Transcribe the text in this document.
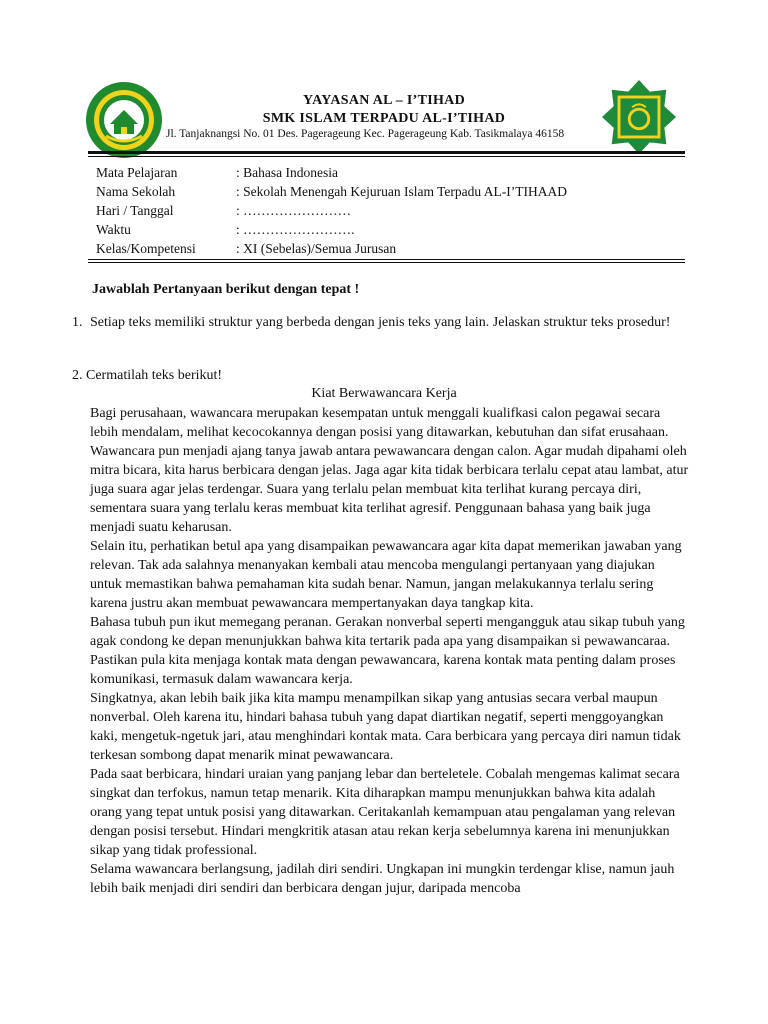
YAYASAN AL – I’TIHAD
SMK ISLAM TERPADU AL-I’TIHAD
Jl. Tanjaknangsi No. 01 Des. Pagerageung Kec. Pagerageung Kab. Tasikmalaya 46158
Mata Pelajaran	: Bahasa Indonesia
Nama Sekolah	: Sekolah Menengah Kejuruan Islam Terpadu AL-I’TIHAAD
Hari / Tanggal	: ……………………
Waktu	: …………………….
Kelas/Kompetensi	: XI (Sebelas)/Semua Jurusan
Jawablah Pertanyaan berikut dengan tepat !
1. Setiap teks memiliki struktur yang berbeda dengan jenis teks yang lain. Jelaskan struktur teks prosedur!
2. Cermatilah teks berikut!
Kiat Berwawancara Kerja

Bagi perusahaan, wawancara merupakan kesempatan untuk menggali kualifkasi calon pegawai secara lebih mendalam, melihat kecocokannya dengan posisi yang ditawarkan, kebutuhan dan sifat erusahaan. Wawancara pun menjadi ajang tanya jawab antara pewawancara dengan calon. Agar mudah dipahami oleh mitra bicara, kita harus berbicara dengan jelas. Jaga agar kita tidak berbicara terlalu cepat atau lambat, atur juga suara agar jelas terdengar. Suara yang terlalu pelan membuat kita terlihat kurang percaya diri, sementara suara yang terlalu keras membuat kita terlihat agresif. Penggunaan bahasa yang baik juga menjadi suatu keharusan.

Selain itu, perhatikan betul apa yang disampaikan pewawancara agar kita dapat memerikan jawaban yang relevan. Tak ada salahnya menanyakan kembali atau mencoba mengulangi pertanyaan yang diajukan untuk memastikan bahwa pemahaman kita sudah benar. Namun, jangan melakukannya terlalu sering karena justru akan membuat pewawancara mempertanyakan daya tangkap kita.

Bahasa tubuh pun ikut memegang peranan. Gerakan nonverbal seperti mengangguk atau sikap tubuh yang agak condong ke depan menunjukkan bahwa kita tertarik pada apa yang disampaikan si pewawancaraa. Pastikan pula kita menjaga kontak mata dengan pewawancara, karena kontak mata penting dalam proses komunikasi, termasuk dalam wawancara kerja.

Singkatnya, akan lebih baik jika kita mampu menampilkan sikap yang antusias secara verbal maupun nonverbal. Oleh karena itu, hindari bahasa tubuh yang dapat diartikan negatif, seperti menggoyangkan kaki, mengetuk-ngetuk jari, atau menghindari kontak mata. Cara berbicara yang percaya diri namun tidak terkesan sombong dapat menarik minat pewawancara.

Pada saat berbicara, hindari uraian yang panjang lebar dan berteletele. Cobalah mengemas kalimat secara singkat dan terfokus, namun tetap menarik. Kita diharapkan mampu menunjukkan bahwa kita adalah orang yang tepat untuk posisi yang ditawarkan. Ceritakanlah kemampuan atau pengalaman yang relevan dengan posisi tersebut. Hindari mengkritik atasan atau rekan kerja sebelumnya karena ini menunjukkan sikap yang tidak professional.

Selama wawancara berlangsung, jadilah diri sendiri. Ungkapan ini mungkin terdengar klise, namun jauh lebih baik menjadi diri sendiri dan berbicara dengan jujur, daripada mencoba
